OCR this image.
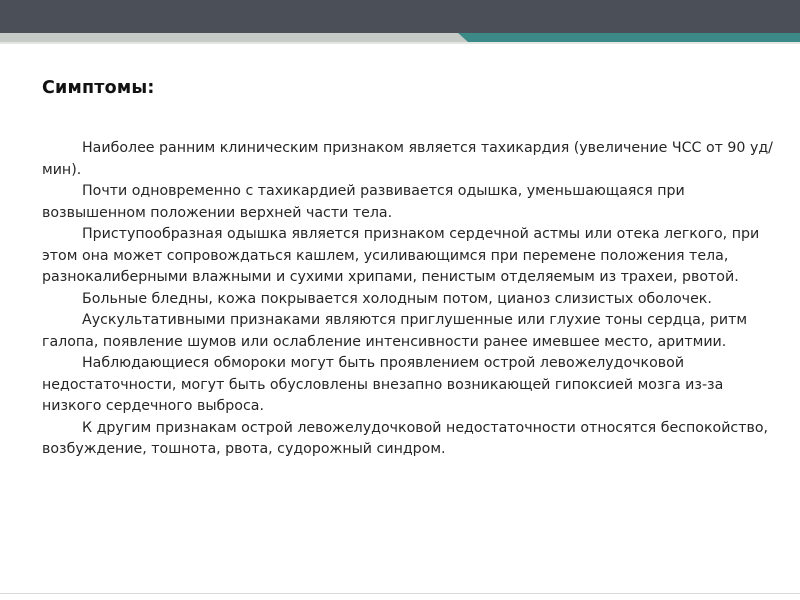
Симптомы:

Наиболее ранним клиническим признаком является тахикардия (увеличение ЧСС от 90 уд/мин).

Почти одновременно с тахикардией развивается одышка, уменьшающаяся при возвышенном положении верхней части тела.

Приступообразная одышка является признаком сердечной астмы или отека легкого, при этом она может сопровождаться кашлем, усиливающимся при перемене положения тела, разнокалиберными влажными и сухими хрипами, пенистым отделяемым из трахеи, рвотой.

Больные бледны, кожа покрывается холодным потом, цианоз слизистых оболочек.

Аускультативными признаками являются приглушенные или глухие тоны сердца, ритм галопа, появление шумов или ослабление интенсивности ранее имевшее место, аритмии.

Наблюдающиеся обмороки могут быть проявлением острой левожелудочковой недостаточности, могут быть обусловлены внезапно возникающей гипоксией мозга из-за низкого сердечного выброса.

К другим признакам острой левожелудочковой недостаточности относятся беспокойство, возбуждение, тошнота, рвота, судорожный синдром.
